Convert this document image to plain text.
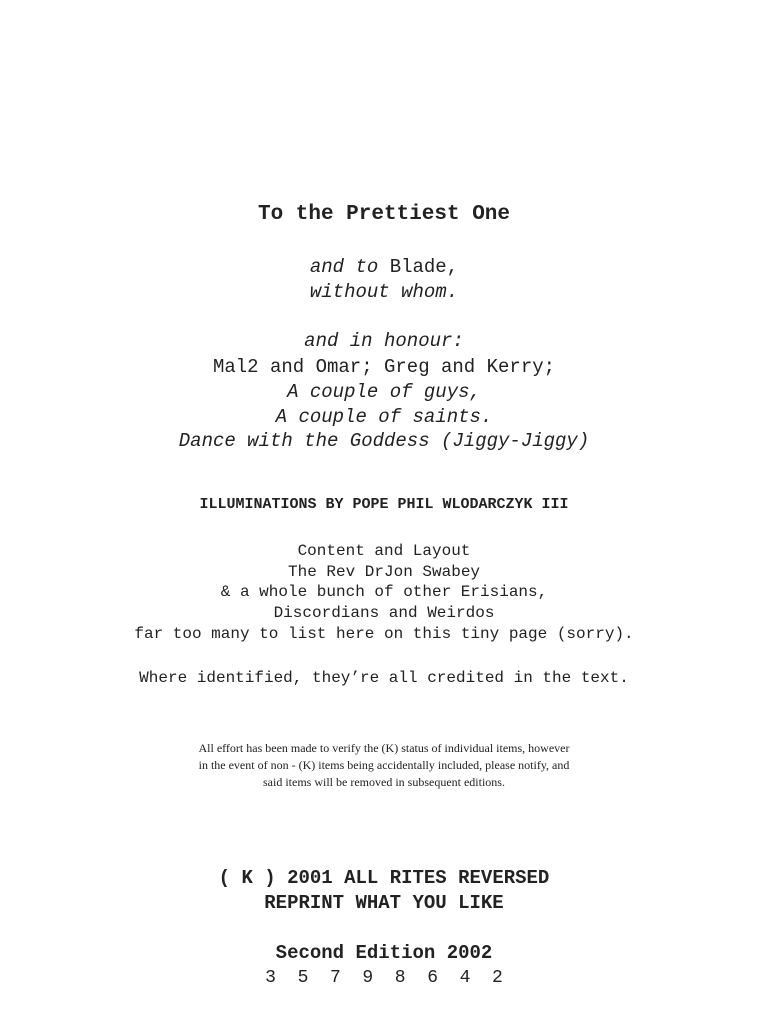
To the Prettiest One
and to Blade,
without whom.
and in honour:
Mal2 and Omar; Greg and Kerry;
A couple of guys,
A couple of saints.
Dance with the Goddess (Jiggy-Jiggy)
ILLUMINATIONS BY POPE PHIL WLODARCZYK III
Content and Layout
The Rev DrJon Swabey
& a whole bunch of other Erisians,
Discordians and Weirdos
far too many to list here on this tiny page (sorry).
Where identified, they’re all credited in the text.
All effort has been made to verify the (K) status of individual items, however
in the event of non - (K) items being accidentally included, please notify, and
said items will be removed in subsequent editions.
( K ) 2001 ALL RITES REVERSED
REPRINT WHAT YOU LIKE
Second Edition 2002
3  5  7  9  8  6  4  2
